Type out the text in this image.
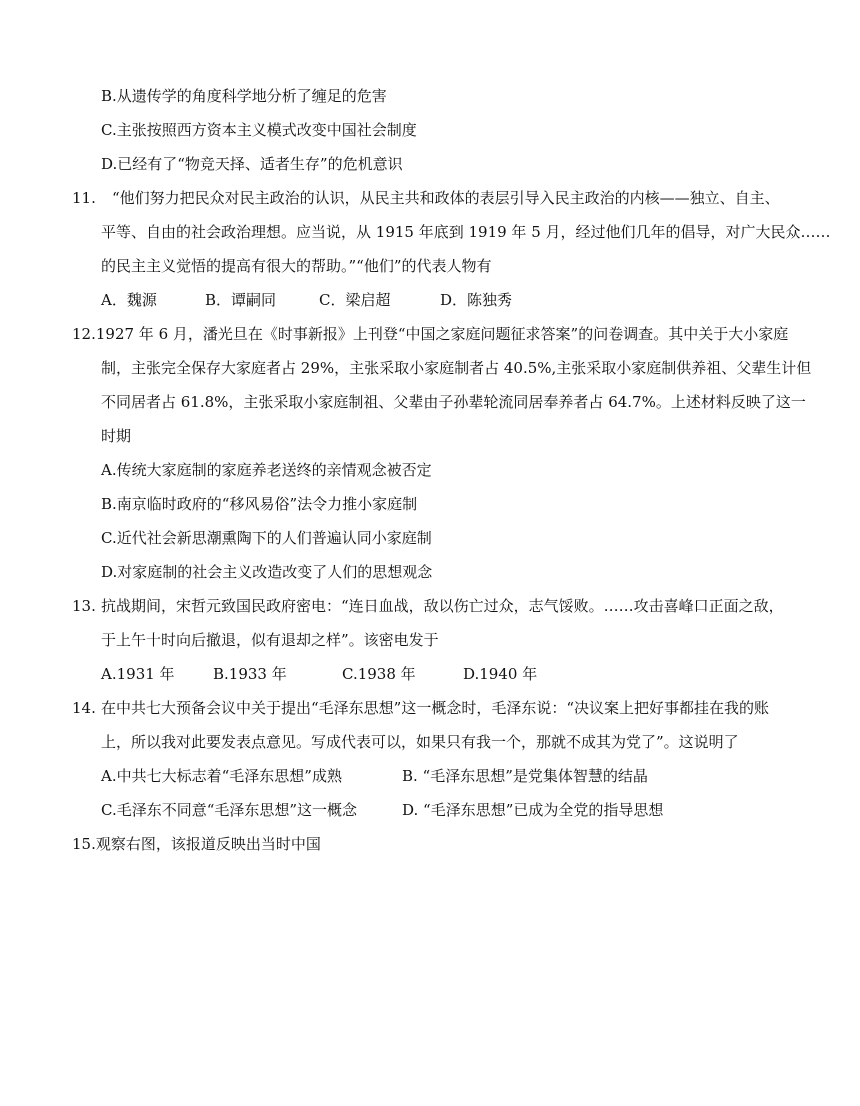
B.从遗传学的角度科学地分析了缠足的危害
C.主张按照西方资本主义模式改变中国社会制度
D.已经有了“物竞天择、适者生存”的危机意识
11. “他们努力把民众对民主政治的认识，从民主共和政体的表层引导入民主政治的内核——独立、自主、
平等、自由的社会政治理想。应当说，从 1915 年底到 1919 年 5 月，经过他们几年的倡导，对广大民众……
的民主主义觉悟的提高有很大的帮助。”“他们”的代表人物有
A．魏源	B．谭嗣同	C．梁启超	D．陈独秀
12.1927 年 6 月，潘光旦在《时事新报》上刊登“中国之家庭问题征求答案”的问卷调查。其中关于大小家庭
制，主张完全保存大家庭者占 29%，主张采取小家庭制者占 40.5%,主张采取小家庭制供养祖、父辈生计但
不同居者占 61.8%，主张采取小家庭制祖、父辈由子孙辈轮流同居奉养者占 64.7%。上述材料反映了这一
时期
A.传统大家庭制的家庭养老送终的亲情观念被否定
B.南京临时政府的“移风易俗”法令力推小家庭制
C.近代社会新思潮熏陶下的人们普遍认同小家庭制
D.对家庭制的社会主义改造改变了人们的思想观念
13. 抗战期间，宋哲元致国民政府密电：“连日血战，敌以伤亡过众，志气馁败。……攻击喜峰口正面之敌，
于上午十时向后撤退，似有退却之样”。该密电发于
A.1931 年	B.1933 年	C.1938 年	D.1940 年
14. 在中共七大预备会议中关于提出“毛泽东思想”这一概念时，毛泽东说：“决议案上把好事都挂在我的账
上，所以我对此要发表点意见。写成代表可以，如果只有我一个，那就不成其为党了”。这说明了
A.中共七大标志着“毛泽东思想”成熟	B. “毛泽东思想”是党集体智慧的结晶
C.毛泽东不同意“毛泽东思想”这一概念	D. “毛泽东思想”已成为全党的指导思想
15.观察右图，该报道反映出当时中国
